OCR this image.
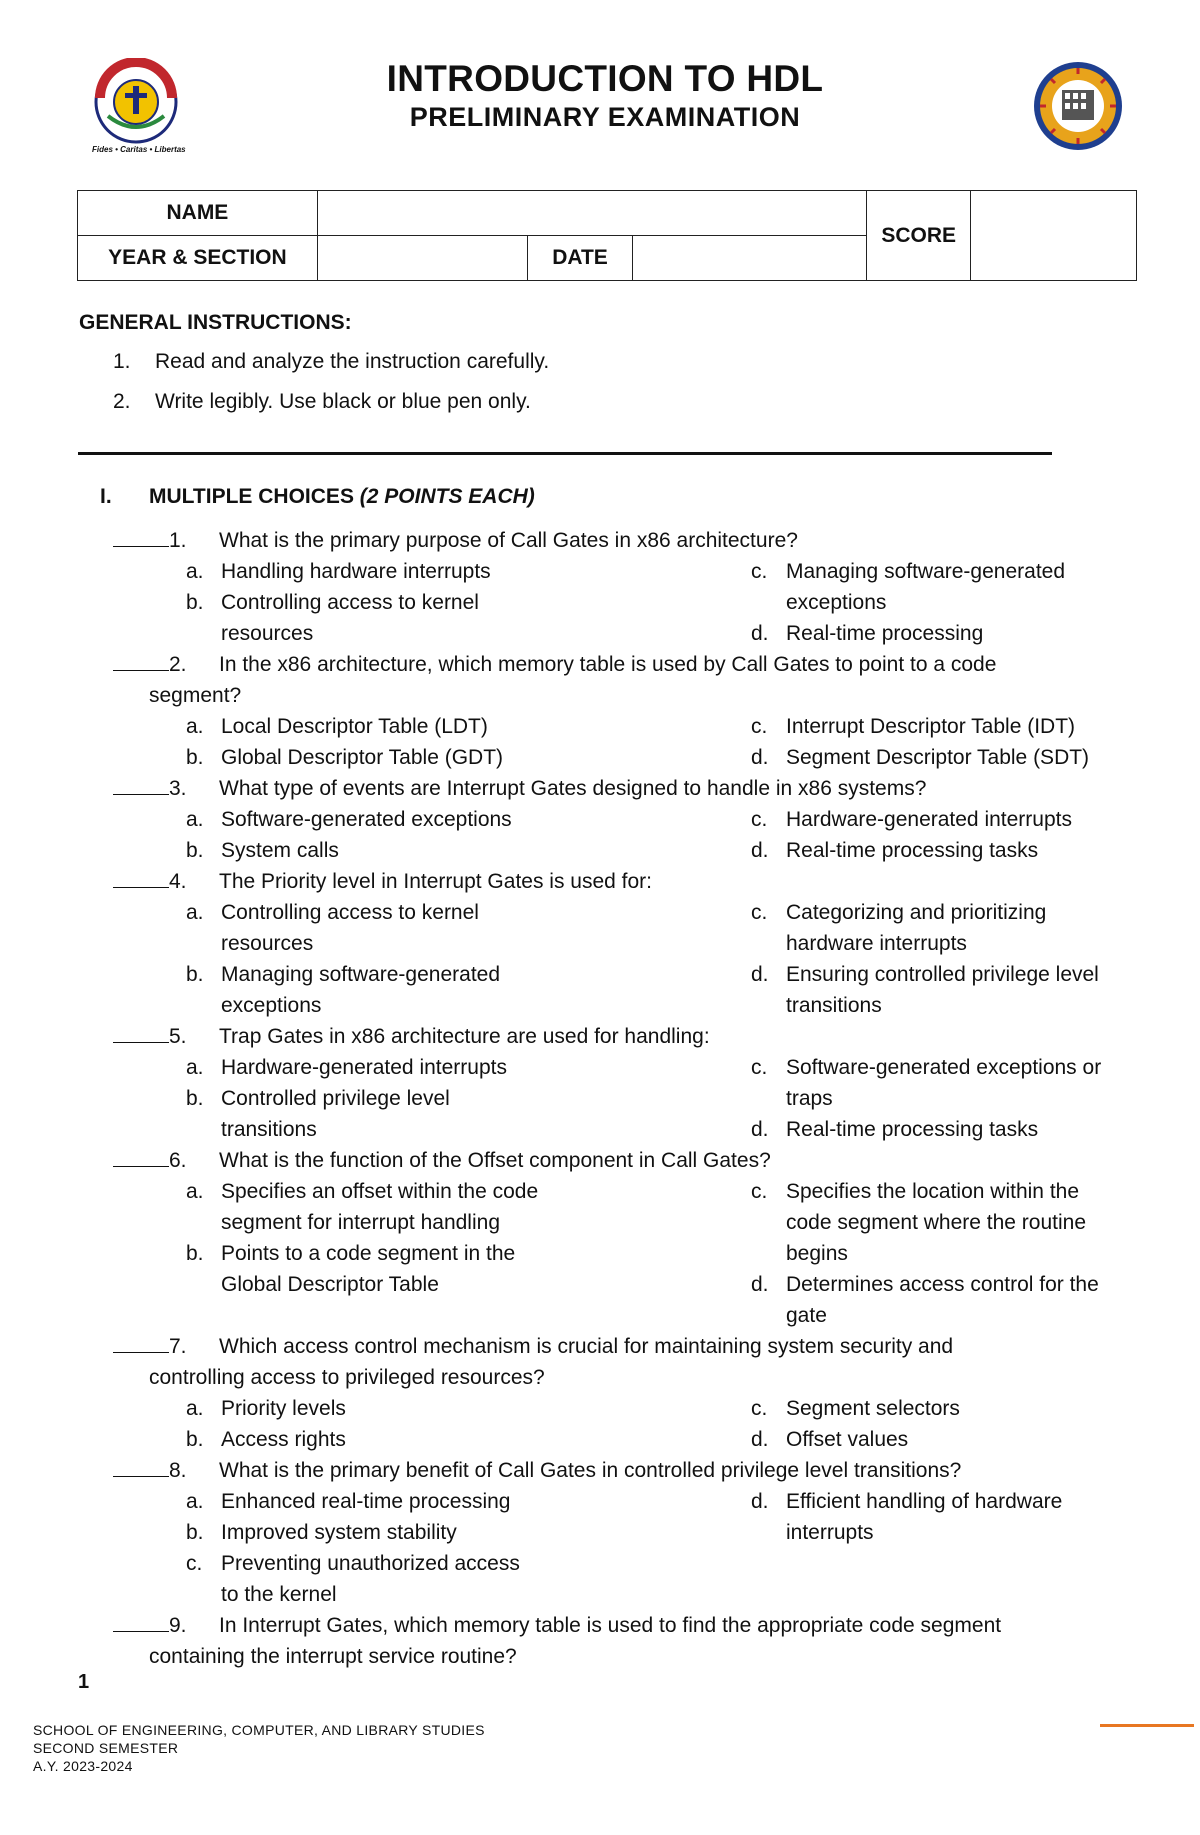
Fides • Caritas • Libertas
INTRODUCTION TO HDL
PRELIMINARY EXAMINATION
NAME				SCORE	
YEAR & SECTION		DATE			
GENERAL INSTRUCTIONS:
1. Read and analyze the instruction carefully.
2. Write legibly. Use black or blue pen only.
I. MULTIPLE CHOICES (2 POINTS EACH)
1. What is the primary purpose of Call Gates in x86 architecture?
a. Handling hardware interrupts
b. Controlling access to kernel
resources
c. Managing software-generated
exceptions
d. Real-time processing
2. In the x86 architecture, which memory table is used by Call Gates to point to a code
segment?
a. Local Descriptor Table (LDT)
b. Global Descriptor Table (GDT)
c. Interrupt Descriptor Table (IDT)
d. Segment Descriptor Table (SDT)
3. What type of events are Interrupt Gates designed to handle in x86 systems?
a. Software-generated exceptions
b. System calls
c. Hardware-generated interrupts
d. Real-time processing tasks
4. The Priority level in Interrupt Gates is used for:
a. Controlling access to kernel
resources
b. Managing software-generated
exceptions
c. Categorizing and prioritizing
hardware interrupts
d. Ensuring controlled privilege level
transitions
5. Trap Gates in x86 architecture are used for handling:
a. Hardware-generated interrupts
b. Controlled privilege level
transitions
c. Software-generated exceptions or
traps
d. Real-time processing tasks
6. What is the function of the Offset component in Call Gates?
a. Specifies an offset within the code
segment for interrupt handling
b. Points to a code segment in the
Global Descriptor Table
c. Specifies the location within the
code segment where the routine
begins
d. Determines access control for the
gate
7. Which access control mechanism is crucial for maintaining system security and
controlling access to privileged resources?
a. Priority levels
b. Access rights
c. Segment selectors
d. Offset values
8. What is the primary benefit of Call Gates in controlled privilege level transitions?
a. Enhanced real-time processing
b. Improved system stability
c. Preventing unauthorized access
to the kernel
d. Efficient handling of hardware
interrupts
9. In Interrupt Gates, which memory table is used to find the appropriate code segment
containing the interrupt service routine?
1
SCHOOL OF ENGINEERING, COMPUTER, AND LIBRARY STUDIES
SECOND SEMESTER
A.Y. 2023-2024
